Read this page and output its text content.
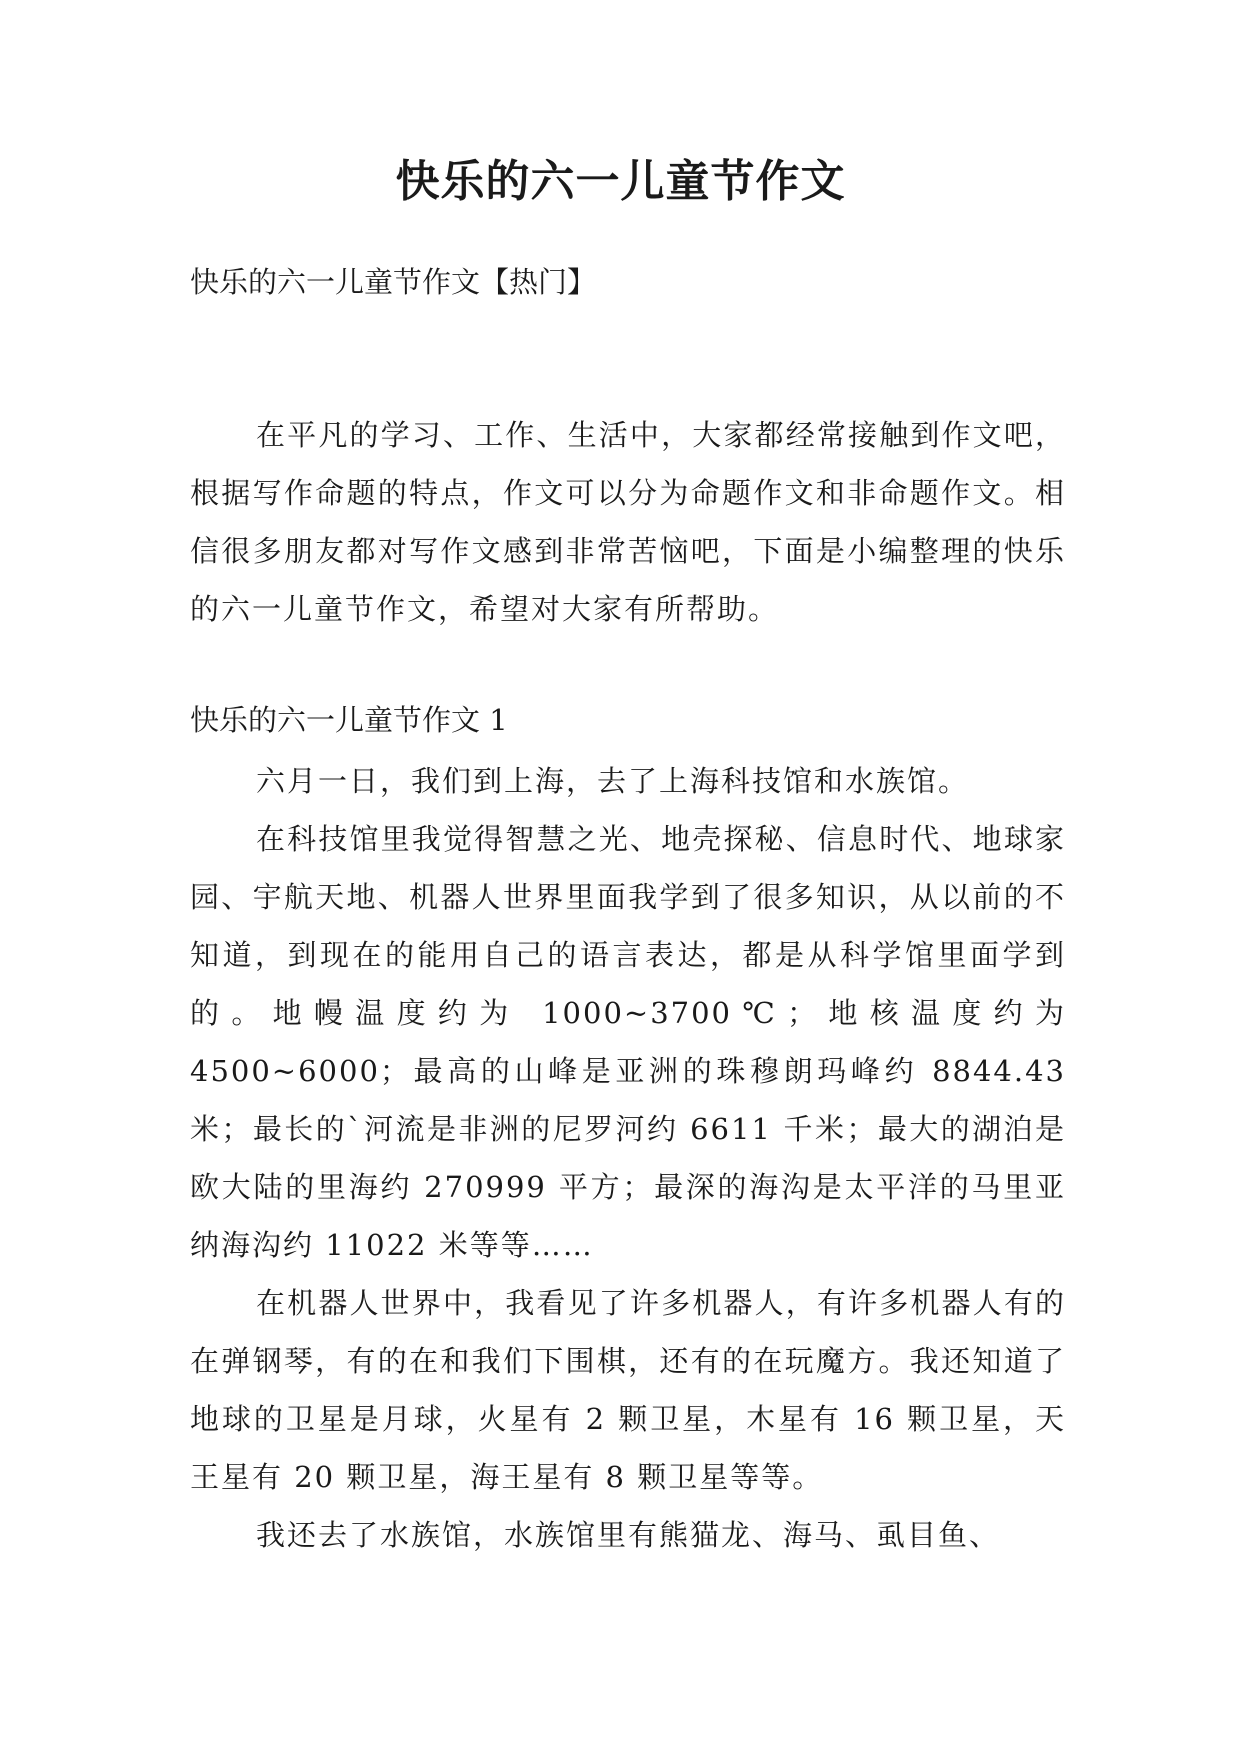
快乐的六一儿童节作文

快乐的六一儿童节作文【热门】

在平凡的学习、工作、生活中，大家都经常接触到作文吧，根据写作命题的特点，作文可以分为命题作文和非命题作文。相信很多朋友都对写作文感到非常苦恼吧，下面是小编整理的快乐的六一儿童节作文，希望对大家有所帮助。

快乐的六一儿童节作文 1

六月一日，我们到上海，去了上海科技馆和水族馆。

在科技馆里我觉得智慧之光、地壳探秘、信息时代、地球家园、宇航天地、机器人世界里面我学到了很多知识，从以前的不知道，到现在的能用自己的语言表达，都是从科学馆里面学到的。地幔温度约为 1000~3700℃；地核温度约为 4500~6000；最高的山峰是亚洲的珠穆朗玛峰约 8844.43 米；最长的`河流是非洲的尼罗河约 6611 千米；最大的湖泊是欧大陆的里海约 270999 平方；最深的海沟是太平洋的马里亚纳海沟约 11022 米等等……

在机器人世界中，我看见了许多机器人，有许多机器人有的在弹钢琴，有的在和我们下围棋，还有的在玩魔方。我还知道了地球的卫星是月球，火星有 2 颗卫星，木星有 16 颗卫星，天王星有 20 颗卫星，海王星有 8 颗卫星等等。

我还去了水族馆，水族馆里有熊猫龙、海马、虱目鱼、
